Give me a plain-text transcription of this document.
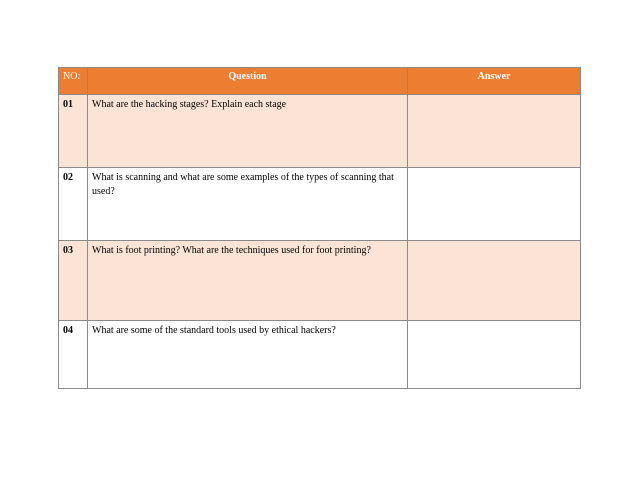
NO:	Question	Answer
01	What are the hacking stages? Explain each stage	
02	What is scanning and what are some examples of the types of scanning that used?	
03	What is foot printing? What are the techniques used for foot printing?	
04	What are some of the standard tools used by ethical hackers?	
